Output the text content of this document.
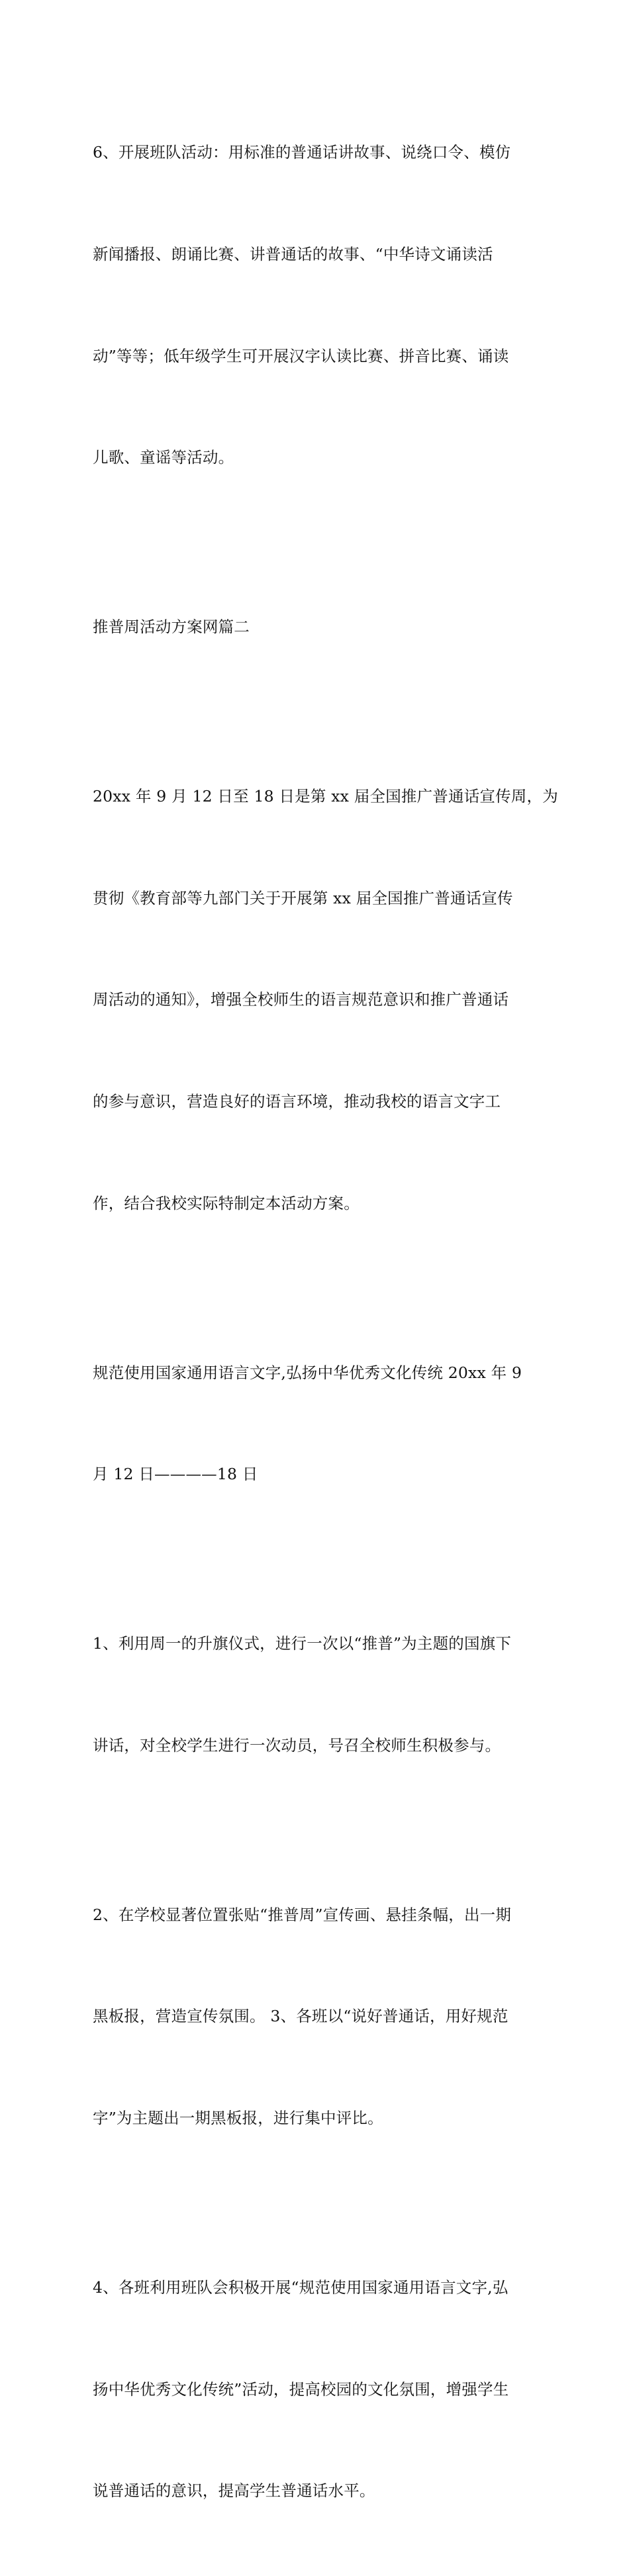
6、开展班队活动：用标准的普通话讲故事、说绕口令、模仿

新闻播报、朗诵比赛、讲普通话的故事、“中华诗文诵读活

动”等等；低年级学生可开展汉字认读比赛、拼音比赛、诵读

儿歌、童谣等活动。

推普周活动方案网篇二

20xx 年 9 月 12 日至 18 日是第 xx 届全国推广普通话宣传周，为

贯彻《教育部等九部门关于开展第 xx 届全国推广普通话宣传

周活动的通知》，增强全校师生的语言规范意识和推广普通话

的参与意识，营造良好的语言环境，推动我校的语言文字工

作，结合我校实际特制定本活动方案。

规范使用国家通用语言文字,弘扬中华优秀文化传统 20xx 年 9

月 12 日————18 日

1、利用周一的升旗仪式，进行一次以“推普”为主题的国旗下

讲话，对全校学生进行一次动员，号召全校师生积极参与。

2、在学校显著位置张贴“推普周”宣传画、悬挂条幅，出一期

黑板报，营造宣传氛围。 3、各班以“说好普通话，用好规范

字”为主题出一期黑板报，进行集中评比。

4、各班利用班队会积极开展“规范使用国家通用语言文字,弘

扬中华优秀文化传统”活动，提高校园的文化氛围，增强学生

说普通话的意识，提高学生普通话水平。
